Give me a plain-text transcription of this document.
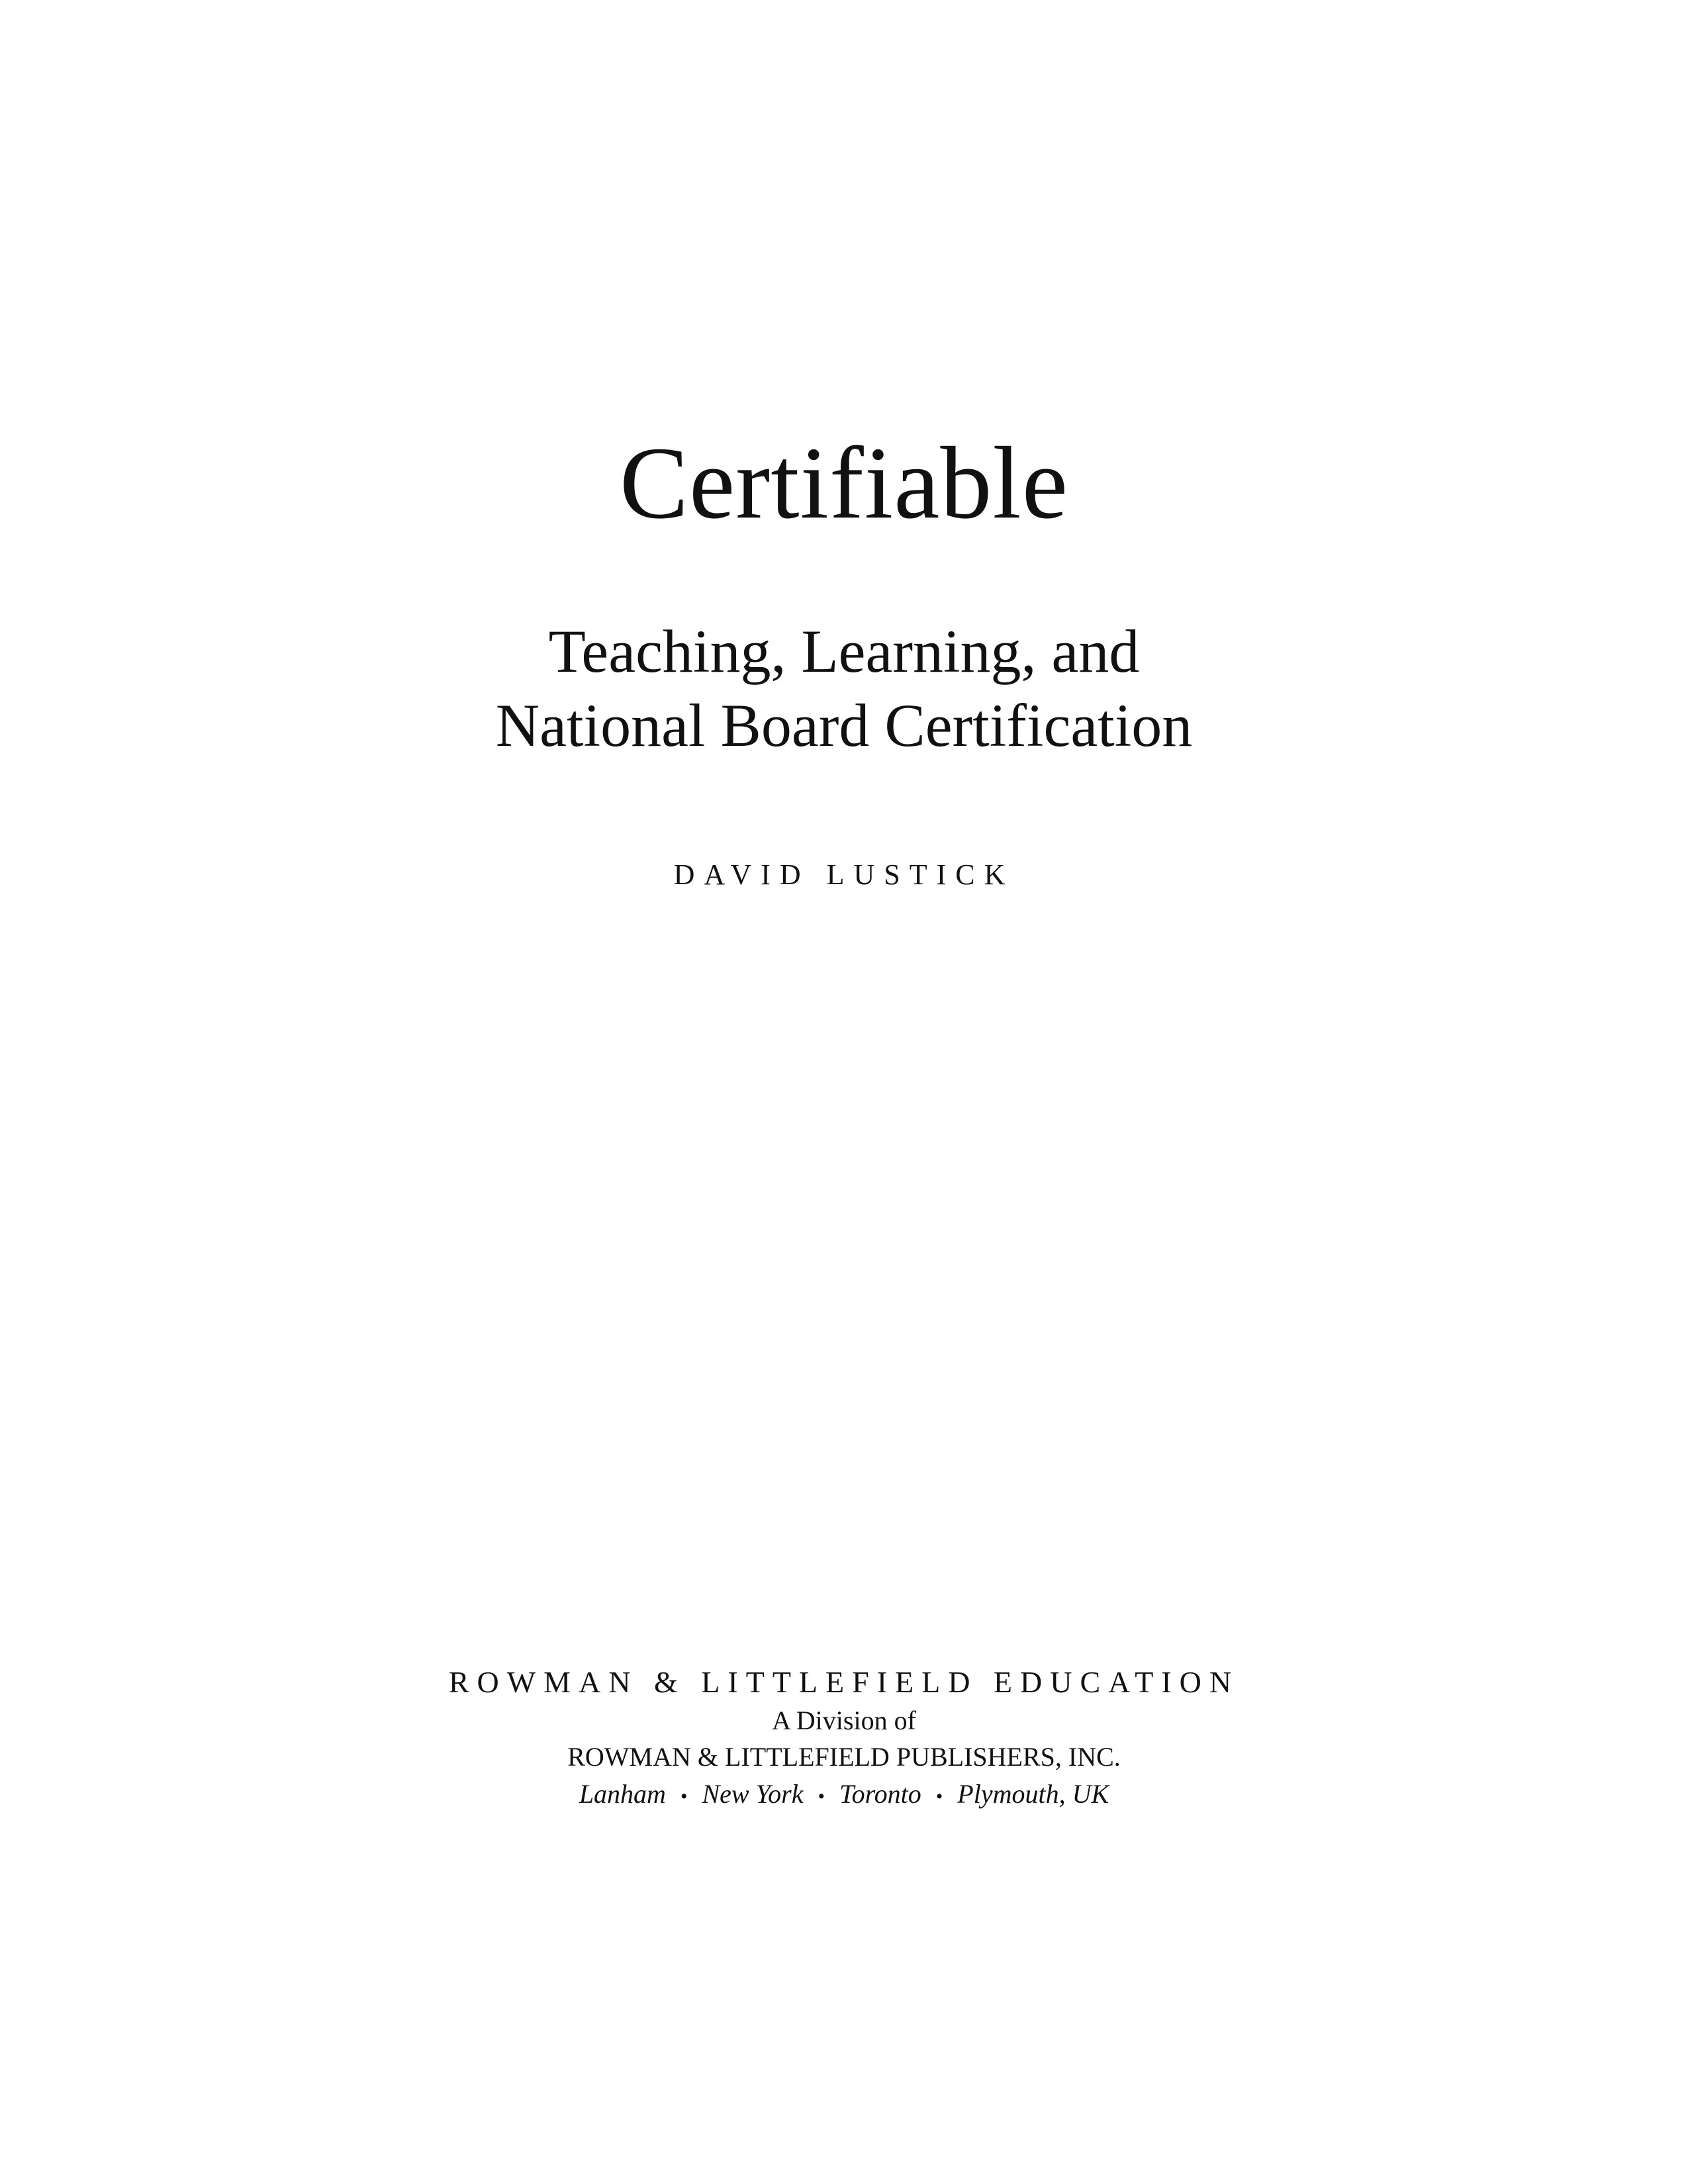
Certifiable
Teaching, Learning, and
National Board Certification
DAVID LUSTICK
ROWMAN & LITTLEFIELD EDUCATION
A Division of
ROWMAN & LITTLEFIELD PUBLISHERS, INC.
Lanham • New York • Toronto • Plymouth, UK
